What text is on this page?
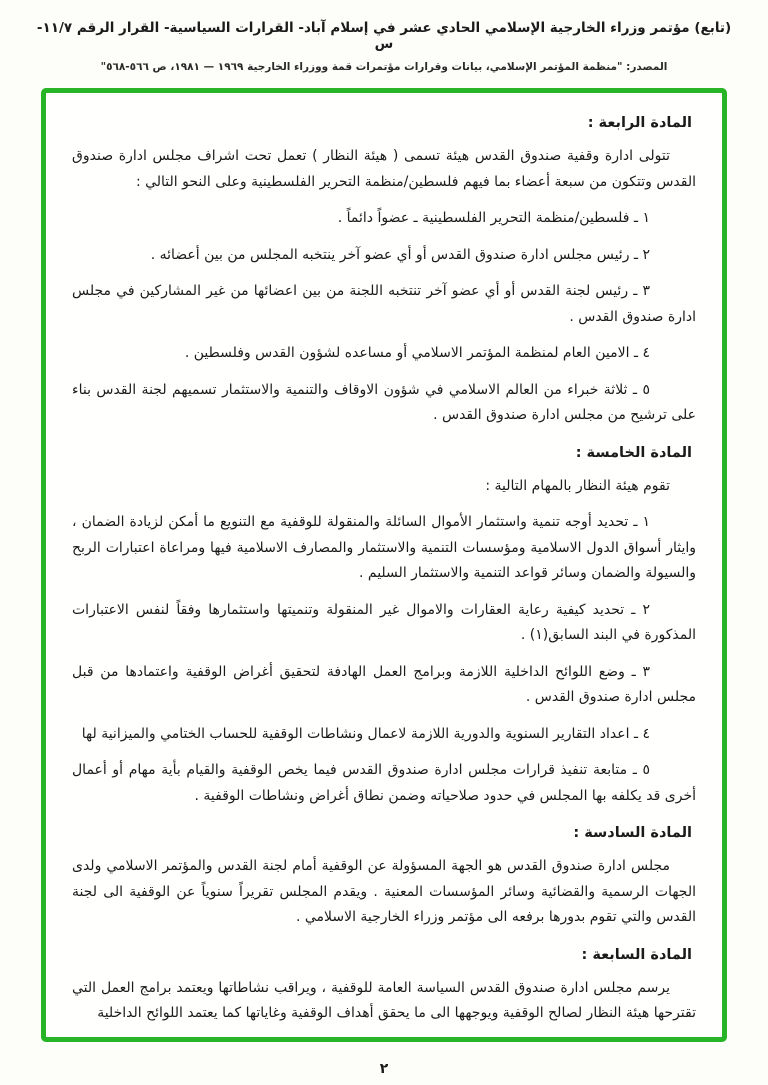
(تابع) مؤتمر وزراء الخارجية الإسلامي الحادي عشر في إسلام آباد- القرارات السياسية- القرار الرقم ١١/٧- س
المصدر: "منظمة المؤتمر الإسلامي، بيانات وقرارات مؤتمرات قمة ووزراء الخارجية ١٩٦٩ — ١٩٨١، ص ٥٦٦-٥٦٨"
المادة الرابعة :

تتولى ادارة وقفية صندوق القدس هيئة تسمى ( هيئة النظار ) تعمل تحت اشراف مجلس ادارة صندوق القدس وتتكون من سبعة أعضاء بما فيهم فلسطين/منظمة التحرير الفلسطينية وعلى النحو التالي :

١ ـ فلسطين/منظمة التحرير الفلسطينية ـ عضواً دائماً .

٢ ـ رئيس مجلس ادارة صندوق القدس أو أي عضو آخر ينتخبه المجلس من بين أعضائه .

٣ ـ رئيس لجنة القدس أو أي عضو آخر تنتخبه اللجنة من بين اعضائها من غير المشاركين في مجلس ادارة صندوق القدس .

٤ ـ الامين العام لمنظمة المؤتمر الاسلامي أو مساعده لشؤون القدس وفلسطين .

٥ ـ ثلاثة خبراء من العالم الاسلامي في شؤون الاوقاف والتنمية والاستثمار تسميهم لجنة القدس بناء على ترشيح من مجلس ادارة صندوق القدس .

المادة الخامسة :

تقوم هيئة النظار بالمهام التالية :

١ ـ تحديد أوجه تنمية واستثمار الأموال السائلة والمنقولة للوقفية مع التنويع ما أمكن لزيادة الضمان ، وايثار أسواق الدول الاسلامية ومؤسسات التنمية والاستثمار والمصارف الاسلامية فيها ومراعاة اعتبارات الربح والسيولة والضمان وسائر قواعد التنمية والاستثمار السليم .

٢ ـ تحديد كيفية رعاية العقارات والاموال غير المنقولة وتنميتها واستثمارها وفقاً لنفس الاعتبارات المذكورة في البند السابق(١) .

٣ ـ وضع اللوائح الداخلية اللازمة وبرامج العمل الهادفة لتحقيق أغراض الوقفية واعتمادها من قبل مجلس ادارة صندوق القدس .

٤ ـ اعداد التقارير السنوية والدورية اللازمة لاعمال ونشاطات الوقفية للحساب الختامي والميزانية لها

٥ ـ متابعة تنفيذ قرارات مجلس ادارة صندوق القدس فيما يخص الوقفية والقيام بأية مهام أو أعمال أخرى قد يكلفه بها المجلس في حدود صلاحياته وضمن نطاق أغراض ونشاطات الوقفية .

المادة السادسة :

مجلس ادارة صندوق القدس هو الجهة المسؤولة عن الوقفية أمام لجنة القدس والمؤتمر الاسلامي ولدى الجهات الرسمية والقضائية وسائر المؤسسات المعنية . ويقدم المجلس تقريراً سنوياً عن الوقفية الى لجنة القدس والتي تقوم بدورها برفعه الى مؤتمر وزراء الخارجية الاسلامي .

المادة السابعة :

يرسم مجلس ادارة صندوق القدس السياسة العامة للوقفية ، ويراقب نشاطاتها ويعتمد برامج العمل التي تقترحها هيئة النظار لصالح الوقفية ويوجهها الى ما يحقق أهداف الوقفية وغاياتها كما يعتمد اللوائح الداخلية

٢
